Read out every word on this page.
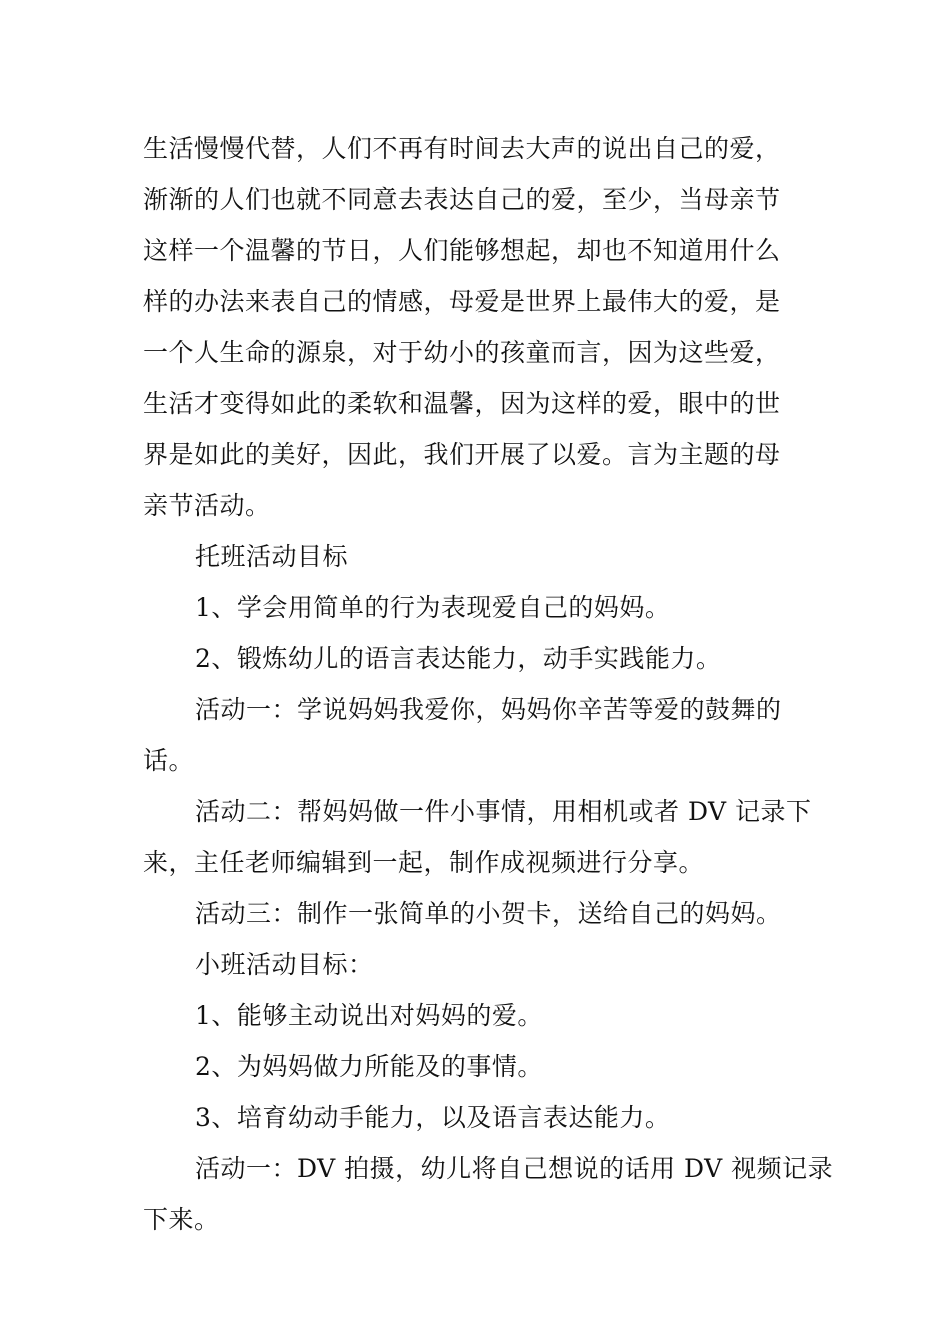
生活慢慢代替，人们不再有时间去大声的说出自己的爱，
渐渐的人们也就不同意去表达自己的爱，至少，当母亲节
这样一个温馨的节日，人们能够想起，却也不知道用什么
样的办法来表自己的情感，母爱是世界上最伟大的爱，是
一个人生命的源泉，对于幼小的孩童而言，因为这些爱，
生活才变得如此的柔软和温馨，因为这样的爱，眼中的世
界是如此的美好，因此，我们开展了以爱。言为主题的母
亲节活动。
托班活动目标
1、学会用简单的行为表现爱自己的妈妈。
2、锻炼幼儿的语言表达能力，动手实践能力。
活动一：学说妈妈我爱你，妈妈你辛苦等爱的鼓舞的
话。
活动二：帮妈妈做一件小事情，用相机或者 DV 记录下
来，主任老师编辑到一起，制作成视频进行分享。
活动三：制作一张简单的小贺卡，送给自己的妈妈。
小班活动目标：
1、能够主动说出对妈妈的爱。
2、为妈妈做力所能及的事情。
3、培育幼动手能力，以及语言表达能力。
活动一：DV 拍摄，幼儿将自己想说的话用 DV 视频记录
下来。
